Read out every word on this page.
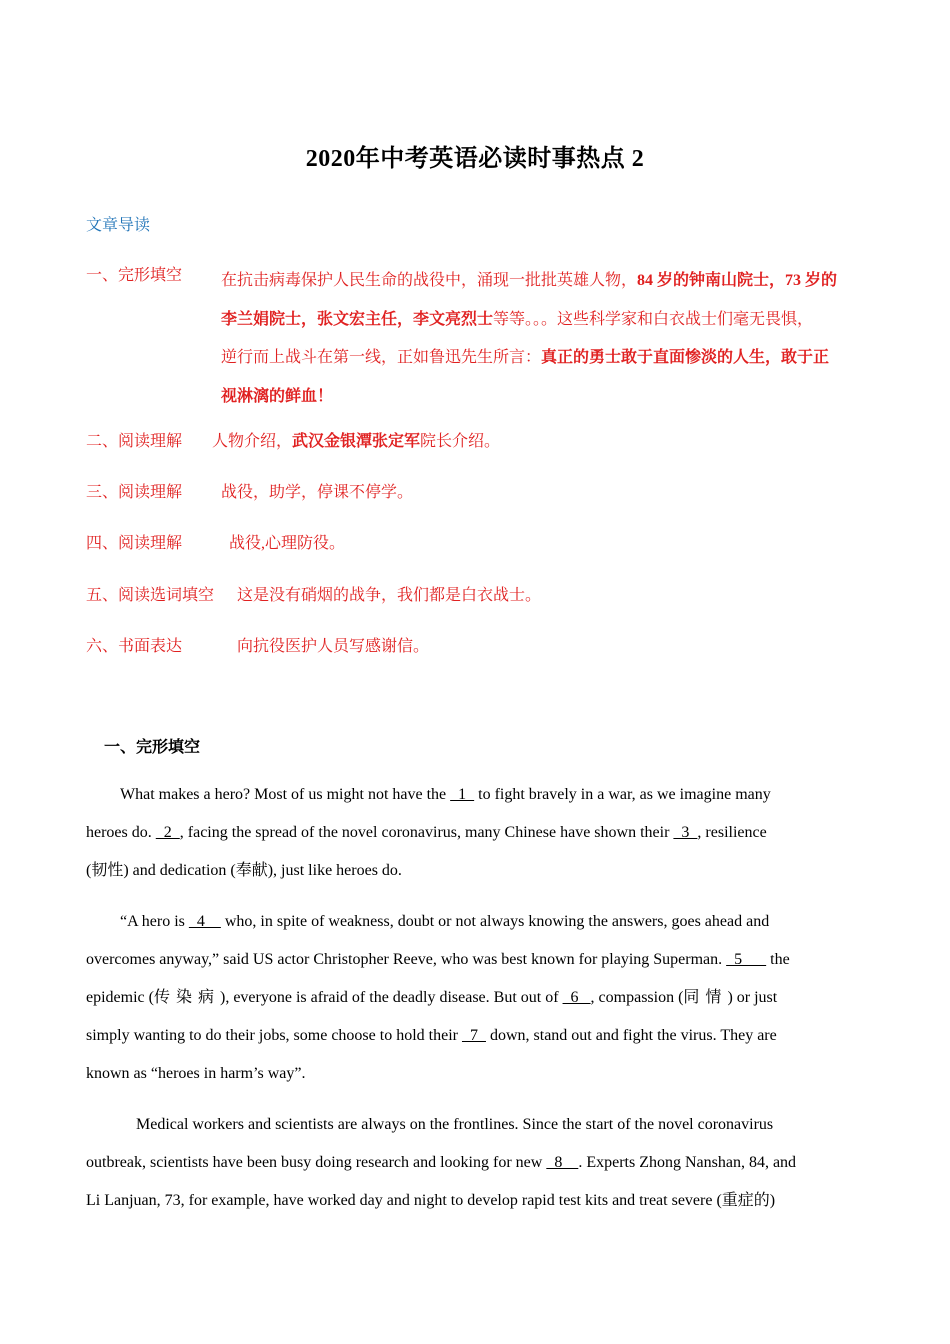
2020年中考英语必读时事热点 2
文章导读
一、完形填空 在抗击病毒保护人民生命的战役中，涌现一批批英雄人物，84 岁的钟南山院士，73 岁的
李兰娟院士，张文宏主任，李文亮烈士等等。。。这些科学家和白衣战士们毫无畏惧，
逆行而上战斗在第一线，正如鲁迅先生所言：真正的勇士敢于直面惨淡的人生，敢于正
视淋漓的鲜血！
二、阅读理解 人物介绍，武汉金银潭张定军院长介绍。
三、阅读理解 战役，助学，停课不停学。
四、阅读理解	战役,心理防役。
五、阅读选词填空 这是没有硝烟的战争，我们都是白衣战士。
六、书面表达	向抗役医护人员写感谢信。
一、完形填空
What makes a hero? Most of us might not have the   1   to fight bravely in a war, as we imagine many
heroes do.   2  , facing the spread of the novel coronavirus, many Chinese have shown their   3  , resilience
(韧性) and dedication (奉献), just like heroes do.
“A hero is   4     who, in spite of weakness, doubt or not always knowing the answers, goes ahead and
overcomes anyway,” said US actor Christopher Reeve, who was best known for playing Superman.   5       the
epidemic (传染病), everyone is afraid of the deadly disease. But out of   6   , compassion (同情) or just
simply wanting to do their jobs, some choose to hold their   7   down, stand out and fight the virus. They are
known as “heroes in harm’s way”.
Medical workers and scientists are always on the frontlines. Since the start of the novel coronavirus
outbreak, scientists have been busy doing research and looking for new   8    . Experts Zhong Nanshan, 84, and
Li Lanjuan, 73, for example, have worked day and night to develop rapid test kits and treat severe (重症的)
